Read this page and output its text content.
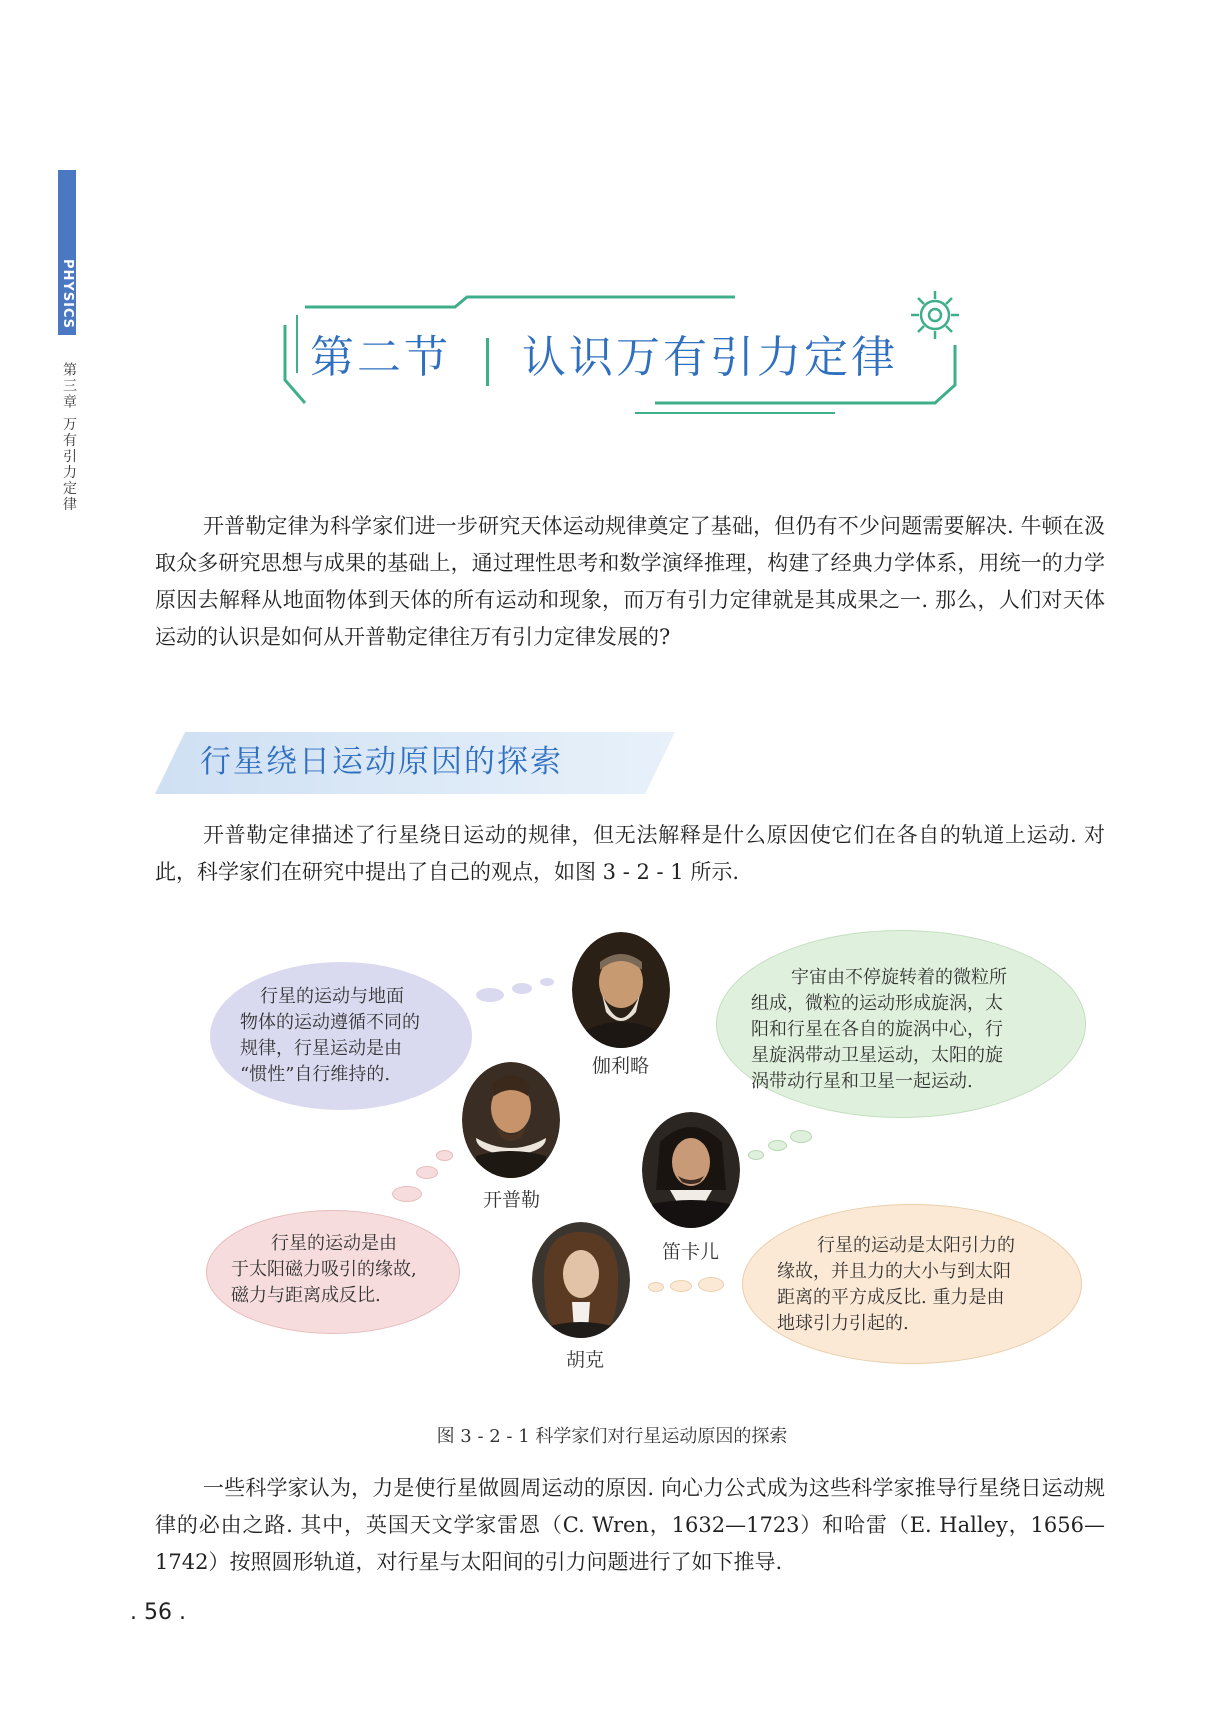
PHYSICS
第三章 万有引力定律
第二节 认识万有引力定律
开普勒定律为科学家们进一步研究天体运动规律奠定了基础，但仍有不少问题需要解决. 牛顿在汲取众多研究思想与成果的基础上，通过理性思考和数学演绎推理，构建了经典力学体系，用统一的力学原因去解释从地面物体到天体的所有运动和现象，而万有引力定律就是其成果之一. 那么，人们对天体运动的认识是如何从开普勒定律往万有引力定律发展的?
行星绕日运动原因的探索
开普勒定律描述了行星绕日运动的规律，但无法解释是什么原因使它们在各自的轨道上运动. 对此，科学家们在研究中提出了自己的观点，如图 3 - 2 - 1 所示.
行星的运动与地面
物体的运动遵循不同的
规律，行星运动是由
“惯性”自行维持的.	伽利略
宇宙由不停旋转着的微粒所
组成，微粒的运动形成旋涡，太
阳和行星在各自的旋涡中心，行
星旋涡带动卫星运动，太阳的旋
涡带动行星和卫星一起运动.
开普勒
行星的运动是由
于太阳磁力吸引的缘故,
磁力与距离成反比.
笛卡儿
胡克
行星的运动是太阳引力的
缘故，并且力的大小与到太阳
距离的平方成反比. 重力是由
地球引力引起的.
图 3 - 2 - 1 科学家们对行星运动原因的探索
一些科学家认为，力是使行星做圆周运动的原因. 向心力公式成为这些科学家推导行星绕日运动规律的必由之路. 其中，英国天文学家雷恩（C. Wren，1632—1723）和哈雷（E. Halley，1656—1742）按照圆形轨道，对行星与太阳间的引力问题进行了如下推导.
. 56 .
